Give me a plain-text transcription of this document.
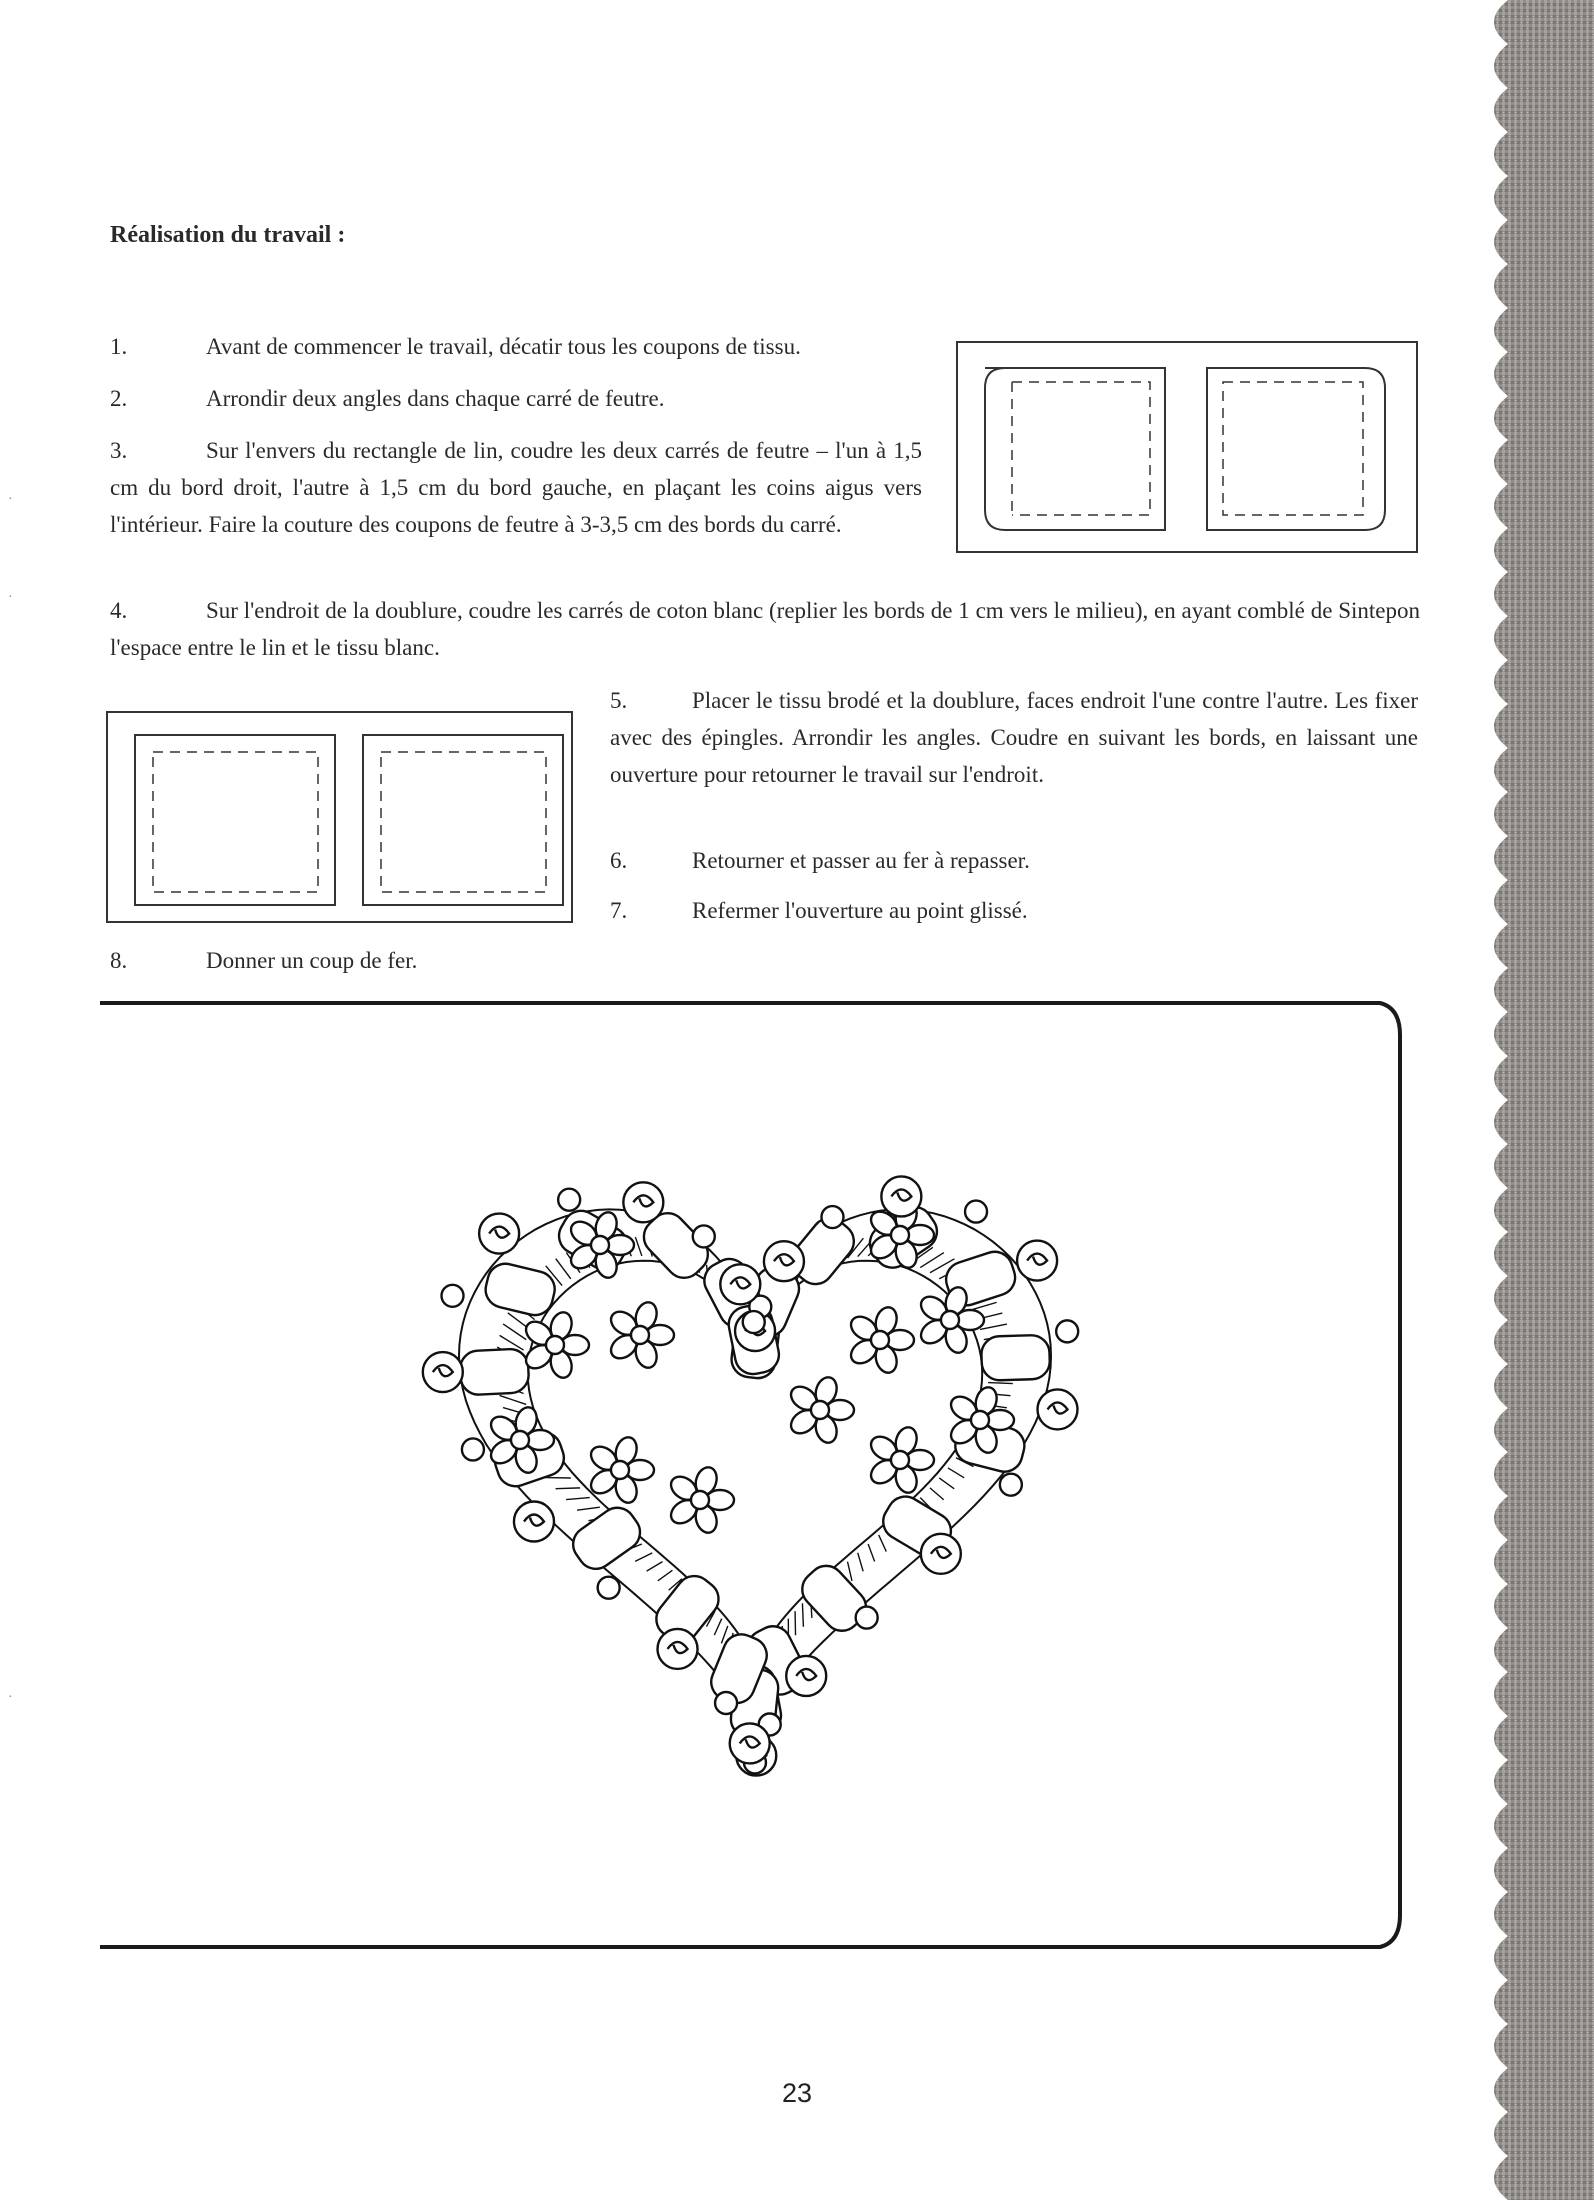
Réalisation du travail :
1.	Avant de commencer le travail, décatir tous les coupons de tissu.
2.	Arrondir deux angles dans chaque carré de feutre.
3.	Sur l'envers du rectangle de lin, coudre les deux carrés de feutre – l'un à 1,5 cm du bord droit, l'autre à 1,5 cm du bord gauche, en plaçant les coins aigus vers l'intérieur. Faire la couture des coupons de feutre à 3-3,5 cm des bords du carré.
4.	Sur l'endroit de la doublure, coudre les carrés de coton blanc (replier les bords de 1 cm vers le milieu), en ayant comblé de Sintepon l'espace entre le lin et le tissu blanc.
5.	Placer le tissu brodé et la doublure, faces endroit l'une contre l'autre. Les fixer avec des épingles. Arrondir les angles. Coudre en suivant les bords, en laissant une ouverture pour retourner le travail sur l'endroit.
6.	Retourner et passer au fer à repasser.
7.	Refermer l'ouverture au point glissé.
8.	Donner un coup de fer.
·
·
·
23
